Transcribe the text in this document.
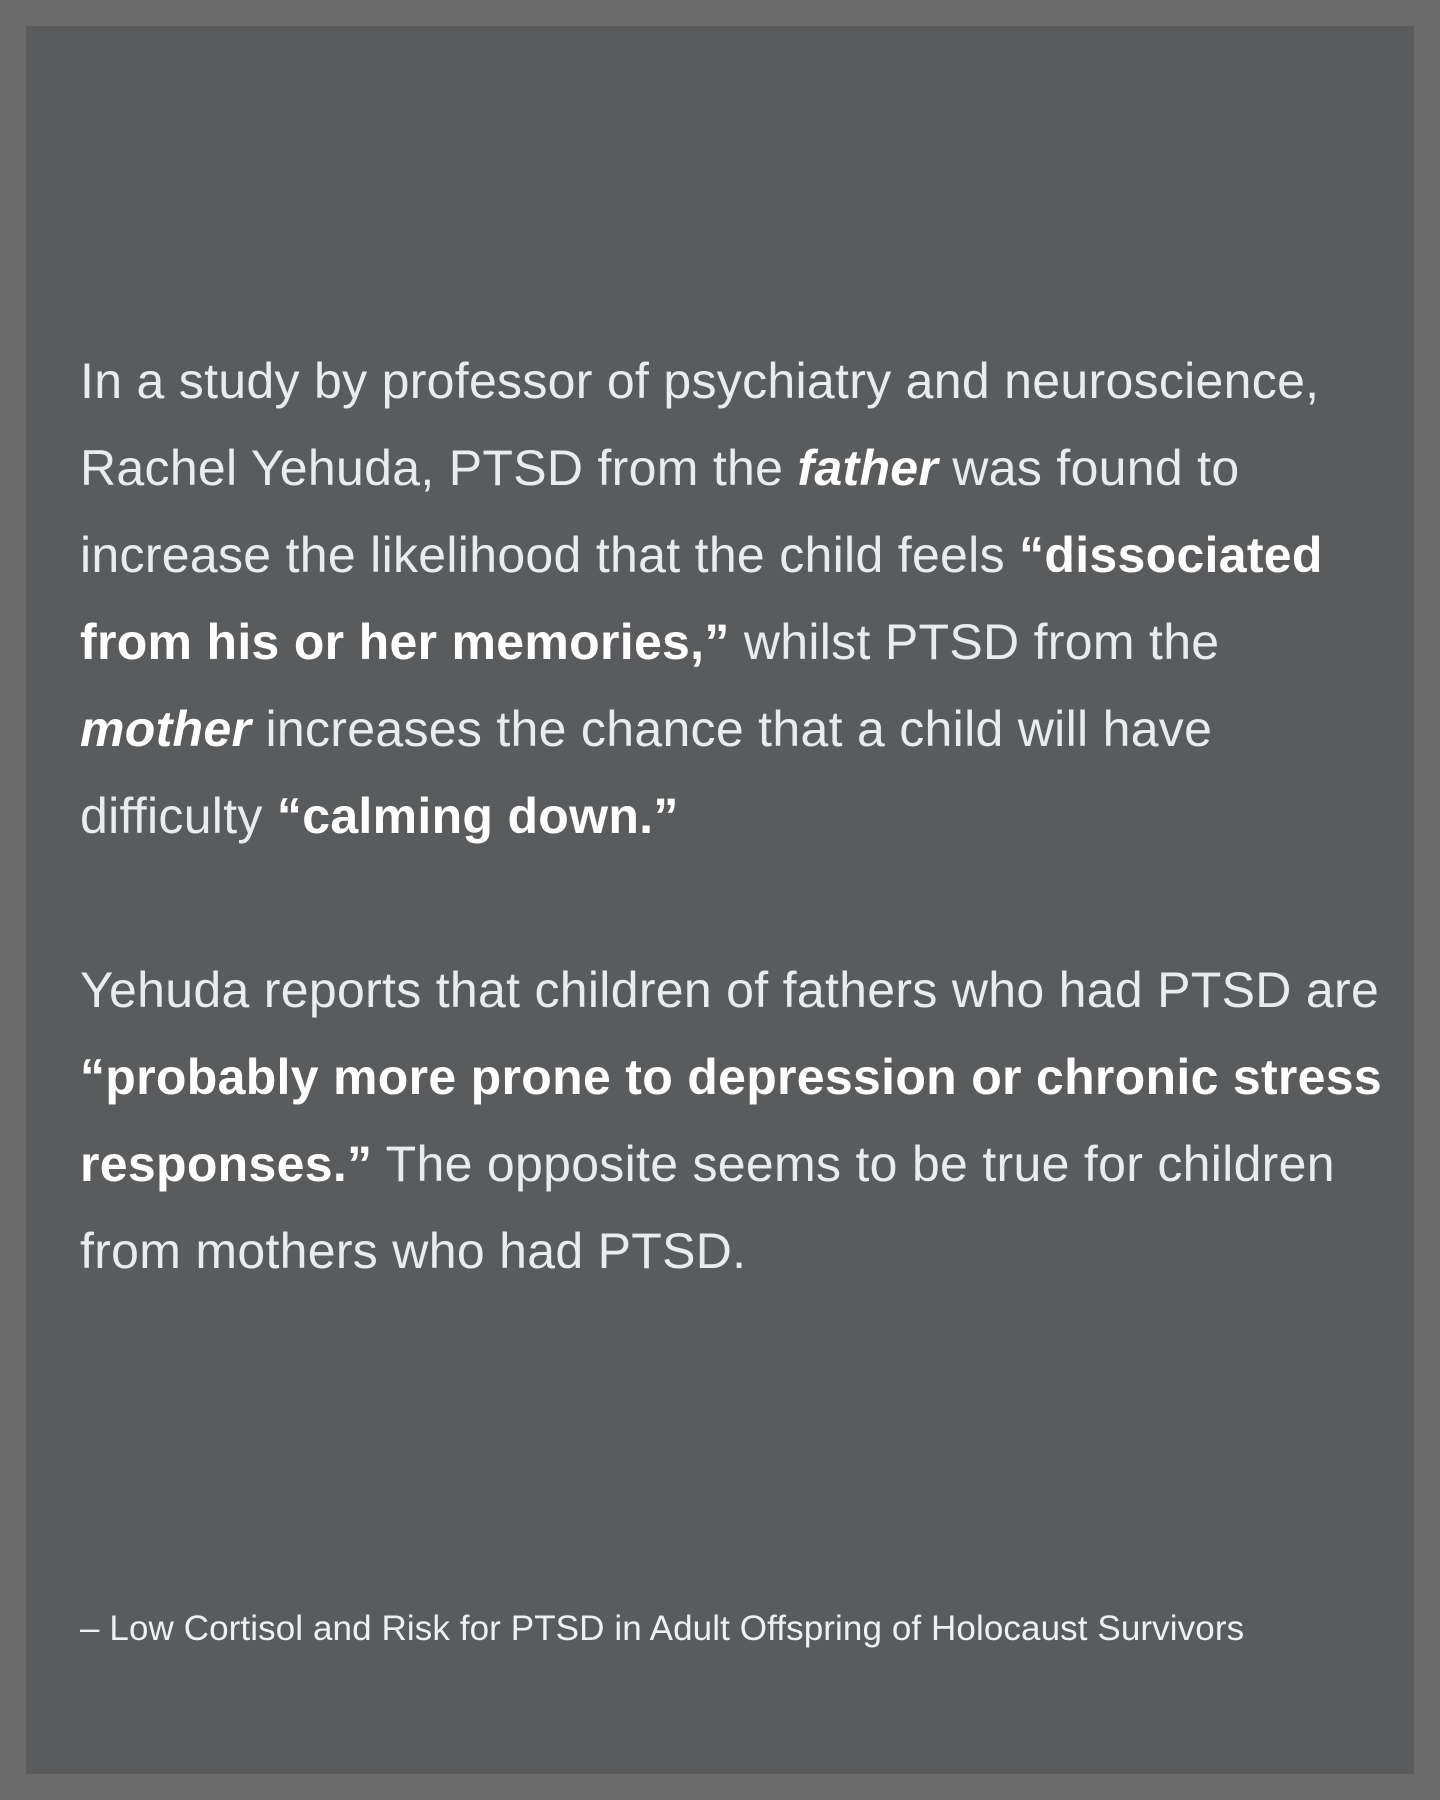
In a study by professor of psychiatry and neuroscience, Rachel Yehuda, PTSD from the father was found to increase the likelihood that the child feels “dissociated from his or her memories,” whilst PTSD from the mother increases the chance that a child will have difficulty “calming down.”

Yehuda reports that children of fathers who had PTSD are “probably more prone to depression or chronic stress responses.” The opposite seems to be true for children from mothers who had PTSD.

– Low Cortisol and Risk for PTSD in Adult Offspring of Holocaust Survivors
